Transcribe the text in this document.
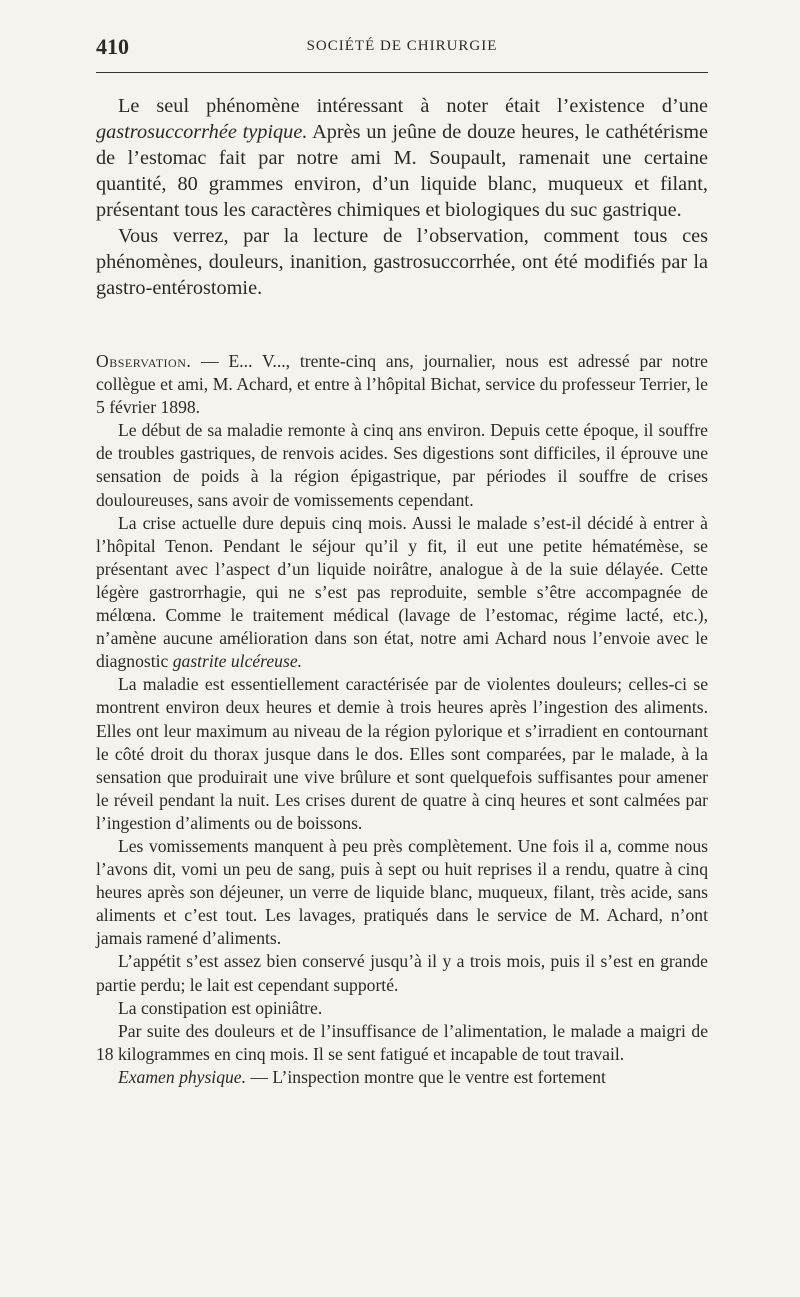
410	SOCIÉTÉ DE CHIRURGIE

Le seul phénomène intéressant à noter était l’existence d’une gastrosuccorrhée typique. Après un jeûne de douze heures, le cathétérisme de l’estomac fait par notre ami M. Soupault, ramenait une certaine quantité, 80 grammes environ, d’un liquide blanc, muqueux et filant, présentant tous les caractères chimiques et biologiques du suc gastrique.

Vous verrez, par la lecture de l’observation, comment tous ces phénomènes, douleurs, inanition, gastrosuccorrhée, ont été modifiés par la gastro-entérostomie.

Observation. — E... V..., trente-cinq ans, journalier, nous est adressé par notre collègue et ami, M. Achard, et entre à l’hôpital Bichat, service du professeur Terrier, le 5 février 1898.

Le début de sa maladie remonte à cinq ans environ. Depuis cette époque, il souffre de troubles gastriques, de renvois acides. Ses digestions sont difficiles, il éprouve une sensation de poids à la région épigastrique, par périodes il souffre de crises douloureuses, sans avoir de vomissements cependant.

La crise actuelle dure depuis cinq mois. Aussi le malade s’est-il décidé à entrer à l’hôpital Tenon. Pendant le séjour qu’il y fit, il eut une petite hématémèse, se présentant avec l’aspect d’un liquide noirâtre, analogue à de la suie délayée. Cette légère gastrorrhagie, qui ne s’est pas reproduite, semble s’être accompagnée de mélœna. Comme le traitement médical (lavage de l’estomac, régime lacté, etc.), n’amène aucune amélioration dans son état, notre ami Achard nous l’envoie avec le diagnostic gastrite ulcéreuse.

La maladie est essentiellement caractérisée par de violentes douleurs; celles-ci se montrent environ deux heures et demie à trois heures après l’ingestion des aliments. Elles ont leur maximum au niveau de la région pylorique et s’irradient en contournant le côté droit du thorax jusque dans le dos. Elles sont comparées, par le malade, à la sensation que produirait une vive brûlure et sont quelquefois suffisantes pour amener le réveil pendant la nuit. Les crises durent de quatre à cinq heures et sont calmées par l’ingestion d’aliments ou de boissons.

Les vomissements manquent à peu près complètement. Une fois il a, comme nous l’avons dit, vomi un peu de sang, puis à sept ou huit reprises il a rendu, quatre à cinq heures après son déjeuner, un verre de liquide blanc, muqueux, filant, très acide, sans aliments et c’est tout. Les lavages, pratiqués dans le service de M. Achard, n’ont jamais ramené d’aliments.

L’appétit s’est assez bien conservé jusqu’à il y a trois mois, puis il s’est en grande partie perdu; le lait est cependant supporté.

La constipation est opiniâtre.

Par suite des douleurs et de l’insuffisance de l’alimentation, le malade a maigri de 18 kilogrammes en cinq mois. Il se sent fatigué et incapable de tout travail.

Examen physique. — L’inspection montre que le ventre est fortement
